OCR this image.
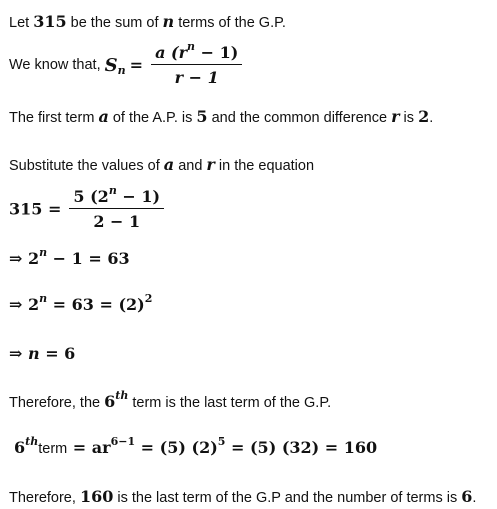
Let 315 be the sum of n terms of the G.P.
We know that, $S_n = \frac{a (r^n - 1)}{r - 1}$
The first term a of the A.P. is 5 and the common difference r is 2.
Substitute the values of a and r in the equation
$315 = \frac{5 (2^n - 1)}{2 - 1}$
⇒ $2^n - 1 = 63$
⇒ $2^n = 63 = (2)^2$
⇒ n = 6
Therefore, the 6th term is the last term of the G.P.
6thterm = $ar^{6-1} = (5) (2)^5 = (5) (32) = 160$
Therefore, 160 is the last term of the G.P and the number of terms is 6.
